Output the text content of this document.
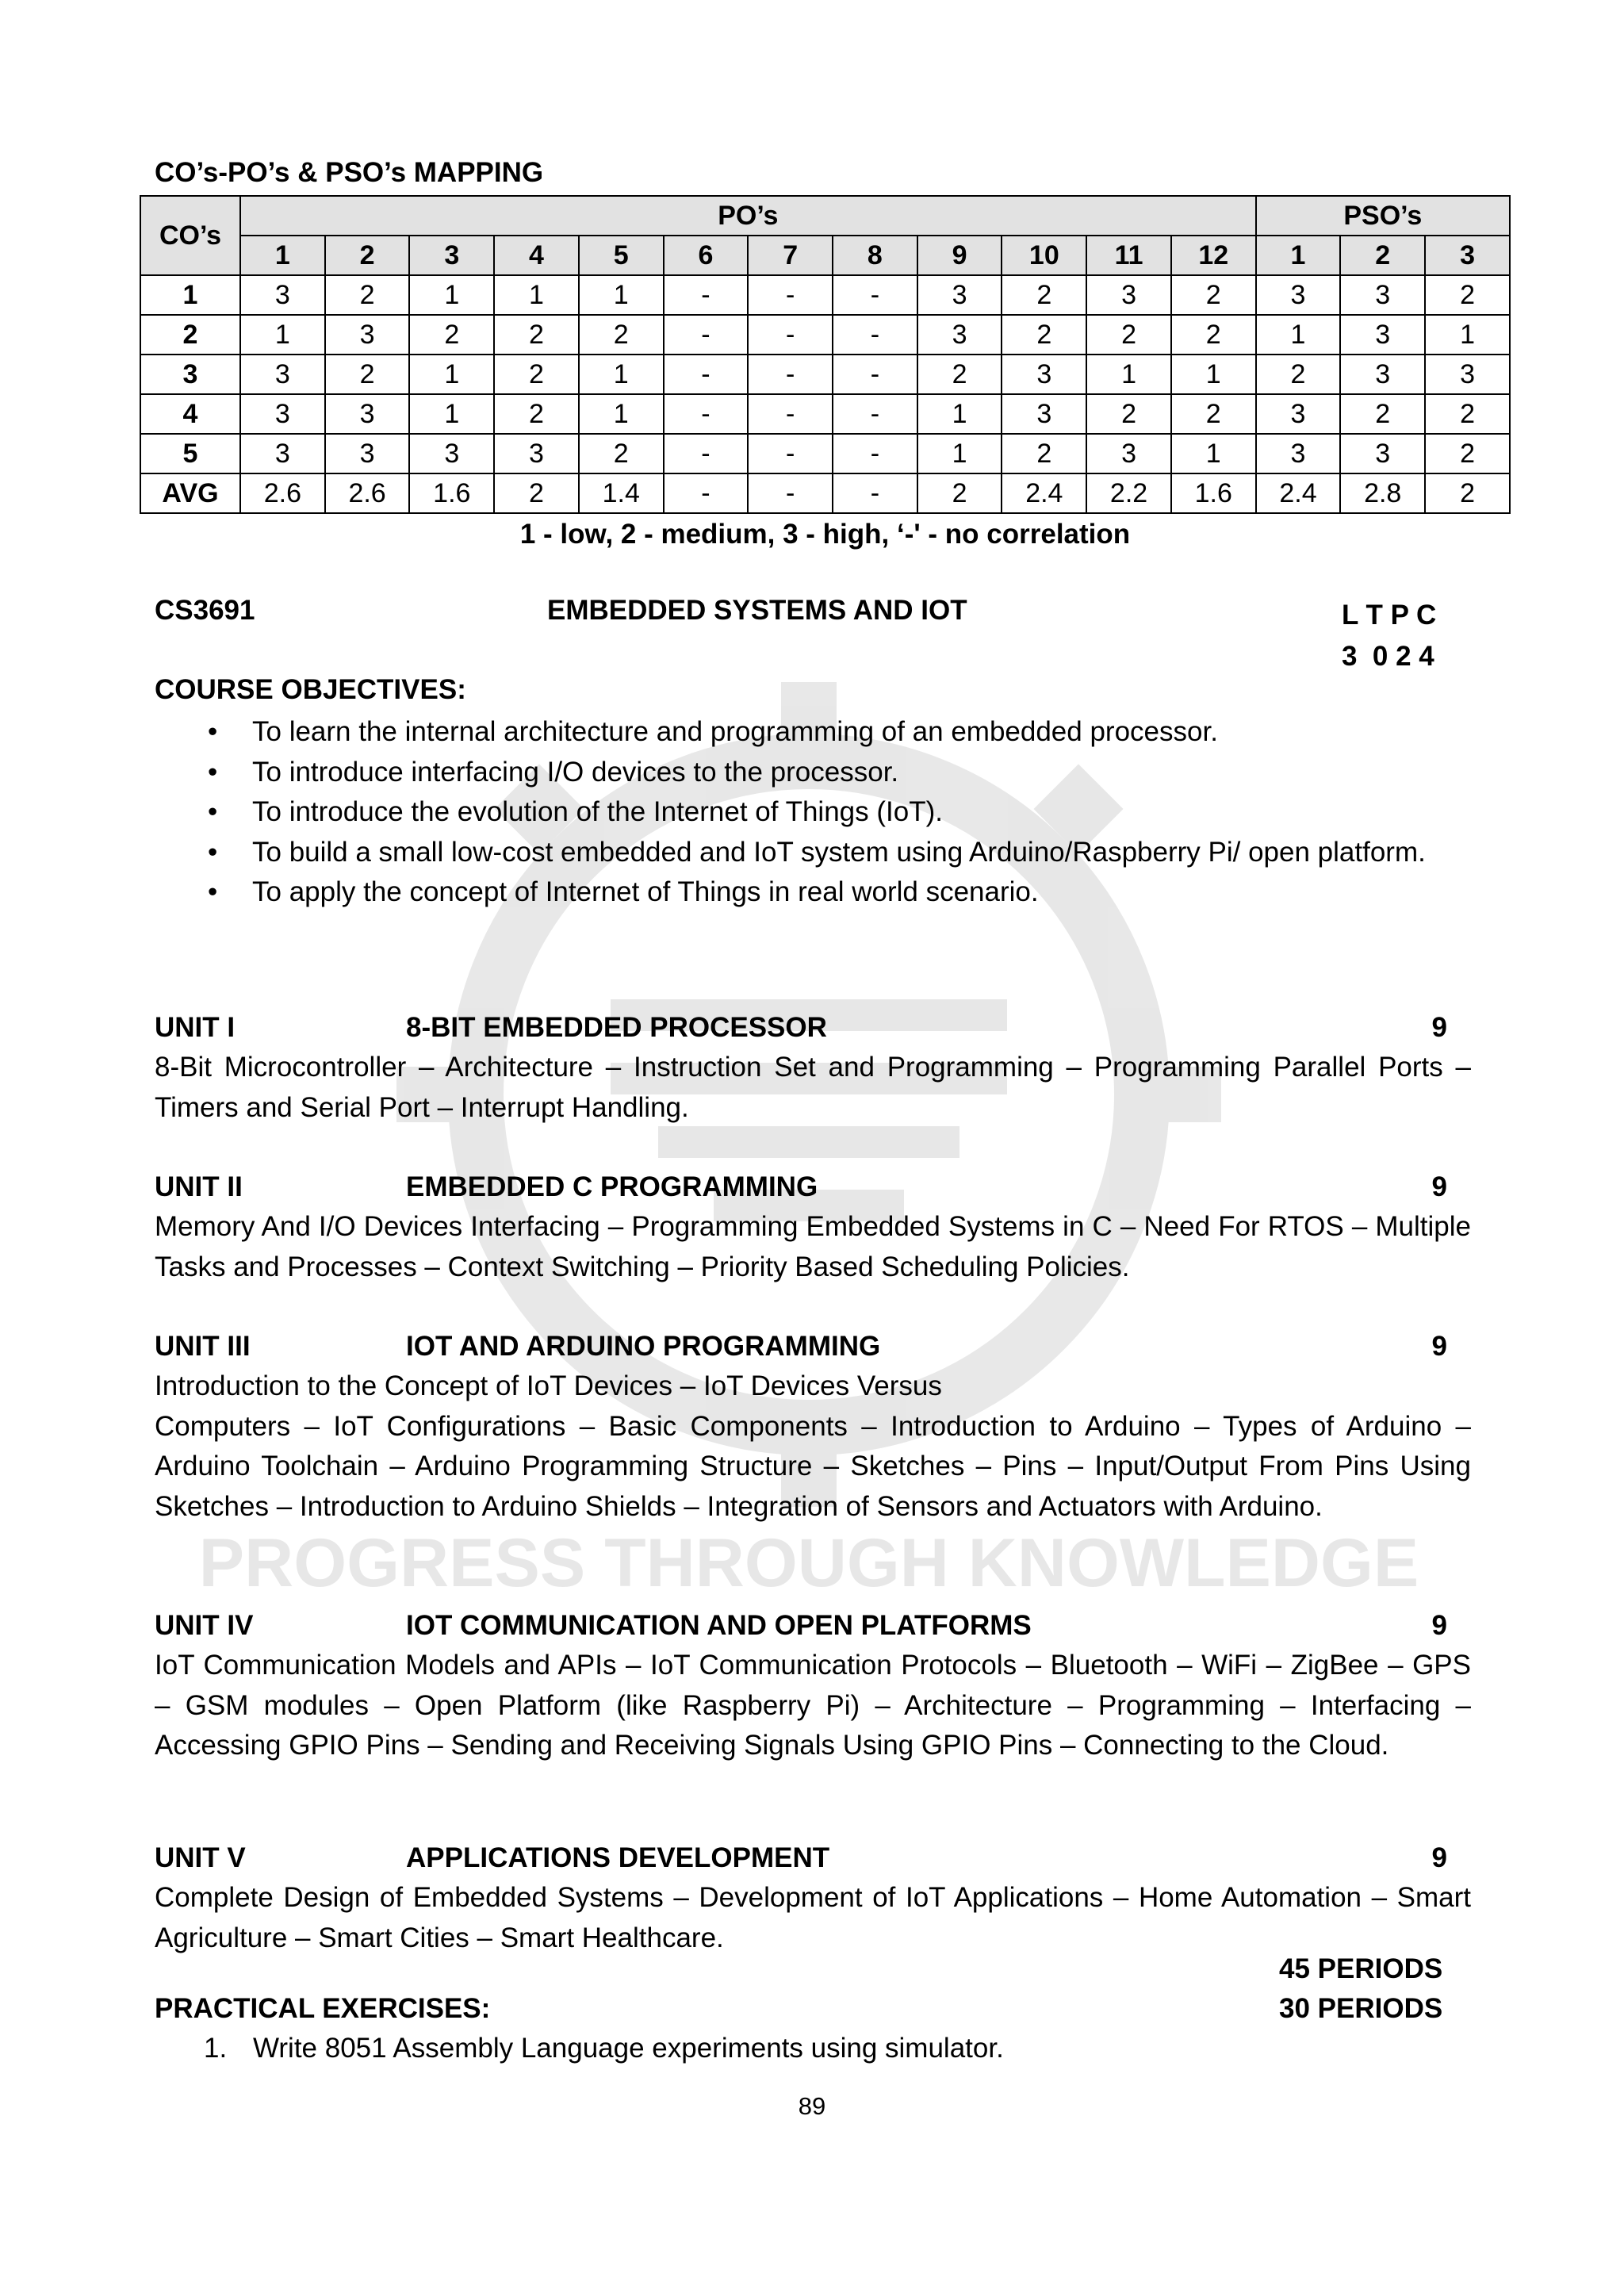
PROGRESS THROUGH KNOWLEDGE
CO’s-PO’s & PSO’s MAPPING
CO’s	PO’s												PSO’s		
	1	2	3	4	5	6	7	8	9	10	11	12	1	2	3
1	3	2	1	1	1	-	-	-	3	2	3	2	3	3	2
2	1	3	2	2	2	-	-	-	3	2	2	2	1	3	1
3	3	2	1	2	1	-	-	-	2	3	1	1	2	3	3
4	3	3	1	2	1	-	-	-	1	3	2	2	3	2	2
5	3	3	3	3	2	-	-	-	1	2	3	1	3	3	2
AVG	2.6	2.6	1.6	2	1.4	-	-	-	2	2.4	2.2	1.6	2.4	2.8	2
1 - low, 2 - medium, 3 - high, ‘-' - no correlation
CS3691	EMBEDDED SYSTEMS AND IOT	L T P C
3  0 2 4
COURSE OBJECTIVES:
• To learn the internal architecture and programming of an embedded processor.
• To introduce interfacing I/O devices to the processor.
• To introduce the evolution of the Internet of Things (IoT).
• To build a small low-cost embedded and IoT system using Arduino/Raspberry Pi/ open platform.
• To apply the concept of Internet of Things in real world scenario.
UNIT I	8-BIT EMBEDDED PROCESSOR	9
8-Bit Microcontroller – Architecture – Instruction Set and Programming – Programming Parallel Ports – Timers and Serial Port – Interrupt Handling.
UNIT II	EMBEDDED C PROGRAMMING	9
Memory And I/O Devices Interfacing – Programming Embedded Systems in C – Need For RTOS – Multiple Tasks and Processes – Context Switching – Priority Based Scheduling Policies.
UNIT III	IOT AND ARDUINO PROGRAMMING	9
Introduction to the Concept of IoT Devices – IoT Devices Versus
Computers – IoT Configurations – Basic Components – Introduction to Arduino – Types of Arduino – Arduino Toolchain – Arduino Programming Structure – Sketches – Pins – Input/Output From Pins Using Sketches – Introduction to Arduino Shields – Integration of Sensors and Actuators with Arduino.
UNIT IV	IOT COMMUNICATION AND OPEN PLATFORMS	9
IoT Communication Models and APIs – IoT Communication Protocols – Bluetooth – WiFi – ZigBee – GPS – GSM modules – Open Platform (like Raspberry Pi) – Architecture – Programming – Interfacing – Accessing GPIO Pins – Sending and Receiving Signals Using GPIO Pins – Connecting to the Cloud.
UNIT V	APPLICATIONS DEVELOPMENT	9
Complete Design of Embedded Systems – Development of IoT Applications – Home Automation – Smart Agriculture – Smart Cities – Smart Healthcare.
45 PERIODS
PRACTICAL EXERCISES:	30 PERIODS
1. Write 8051 Assembly Language experiments using simulator.
89
